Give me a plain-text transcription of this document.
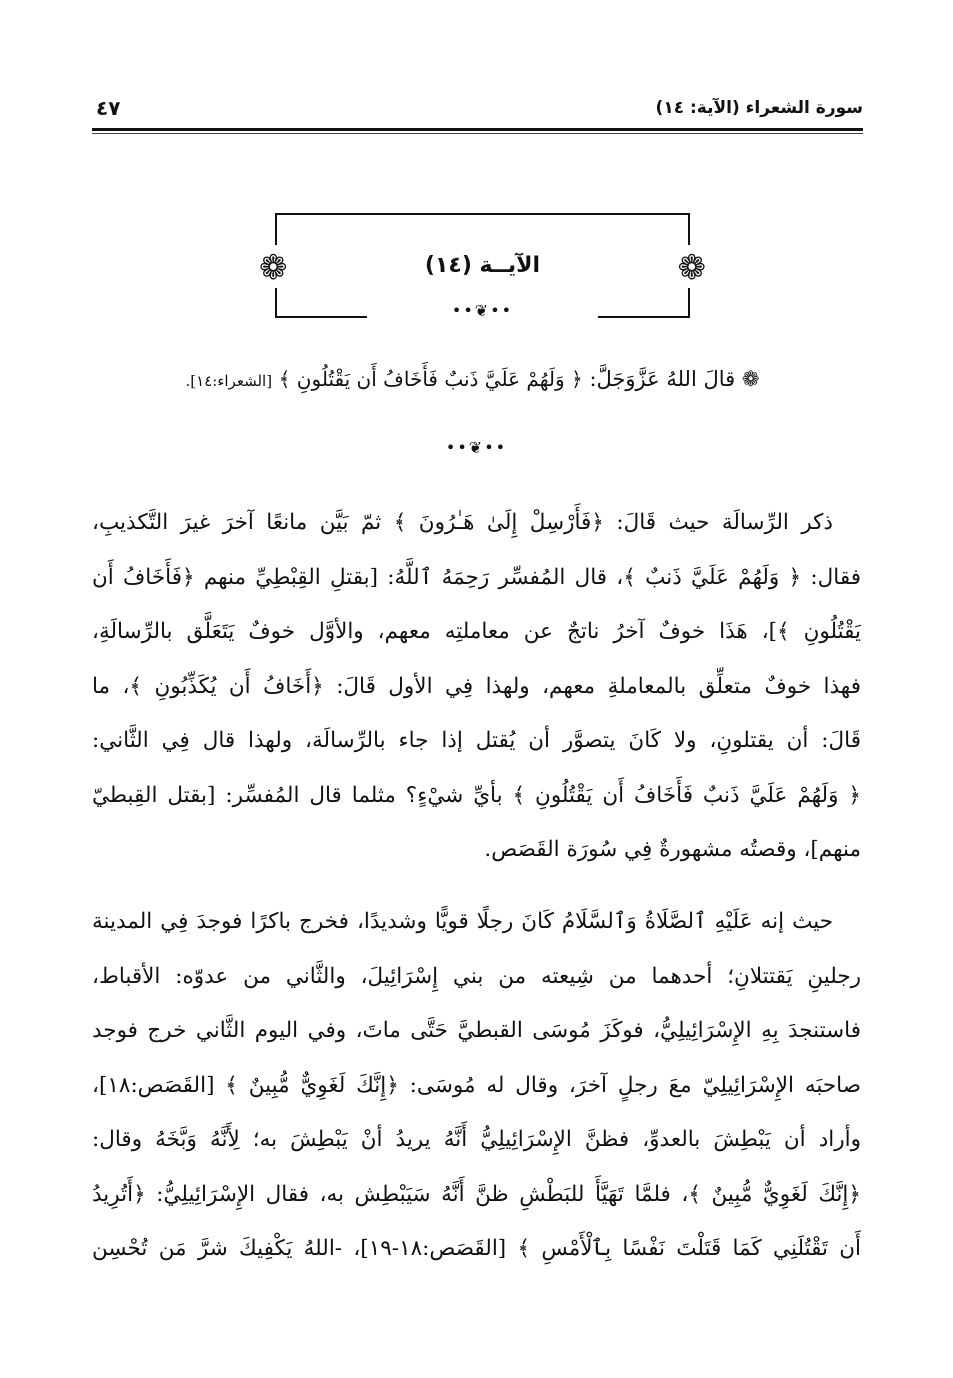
سورة الشعراء (الآية: ١٤)
٤٧
❁	❁
الآيــة (١٤)
••❦••
❁ قالَ اللهُ عَزَّوَجَلَّ: ﴿ وَلَهُمْ عَلَيَّ ذَنبٌ فَأَخَافُ أَن يَقْتُلُونِ ﴾ [الشعراء:١٤].
••❦••
ذكر الرِّسالَة حيث قَالَ: ﴿فَأَرْسِلْ إِلَىٰ هَـٰرُونَ ﴾ ثمّ بَيَّن مانعًا آخرَ غيرَ التَّكذيبِ،
فقال: ﴿ وَلَهُمْ عَلَيَّ ذَنبٌ ﴾، قال المُفسِّر رَحِمَهُ ٱللَّهُ: [بقتلِ القِبْطِيِّ منهم ﴿فَأَخَافُ أَن
يَقْتُلُونِ ﴾]، هَذَا خوفٌ آخرُ ناتجٌ عن معاملتِه معهم، والأوَّل خوفٌ يَتَعَلَّق بالرِّسالَةِ،
فهذا خوفٌ متعلِّق بالمعاملةِ معهم، ولهذا فِي الأول قَالَ: ﴿أَخَافُ أَن يُكَذِّبُونِ ﴾، ما
قَالَ: أن يقتلونِ، ولا كَانَ يتصوَّر أن يُقتل إذا جاء بالرِّسالَة، ولهذا قال فِي الثَّاني:
﴿ وَلَهُمْ عَلَيَّ ذَنبٌ فَأَخَافُ أَن يَقْتُلُونِ ﴾ بأيِّ شيْءٍ؟ مثلما قال المُفسِّر: [بقتل القِبطيّ
منهم]، وقصتُه مشهورةٌ فِي سُورَة القَصَص.
حيث إنه عَلَيْهِ ٱلصَّلَاةُ وَٱلسَّلَامُ كَانَ رجلًا قويًّا وشديدًا، فخرج باكرًا فوجدَ فِي المدينة
رجلينِ يَقتتلانِ؛ أحدهما من شِيعته من بني إِسْرَائِيلَ، والثَّاني من عدوّه: الأقباط،
فاستنجدَ بِهِ الإِسْرَائِيلِيُّ، فوكَزَ مُوسَى القبطيَّ حَتَّى ماتَ، وفي اليوم الثَّاني خرج فوجد
صاحبَه الإِسْرَائِيلِيّ معَ رجلٍ آخرَ، وقال له مُوسَى: ﴿إِنَّكَ لَغَوِيٌّ مُّبِينٌ ﴾ [القَصَص:١٨]،
وأراد أن يَبْطِشَ بالعدوِّ، فظنَّ الإِسْرَائِيلِيُّ أَنَّهُ يريدُ أنْ يَبْطِشَ به؛ لِأَنَّهُ وَبَّخَهُ وقال:
﴿إِنَّكَ لَغَوِيٌّ مُّبِينٌ ﴾، فلمَّا تَهَيَّأَ للبَطْشِ ظنَّ أَنَّهُ سَيَبْطِش به، فقال الإِسْرَائِيلِيُّ: ﴿أَتُرِيدُ
أَن تَقْتُلَنِي كَمَا قَتَلْتَ نَفْسًا بِٱلْأَمْسِ ﴾ [القَصَص:١٨-١٩]، -اللهُ يَكْفِيكَ شرَّ مَن تُحْسِن
